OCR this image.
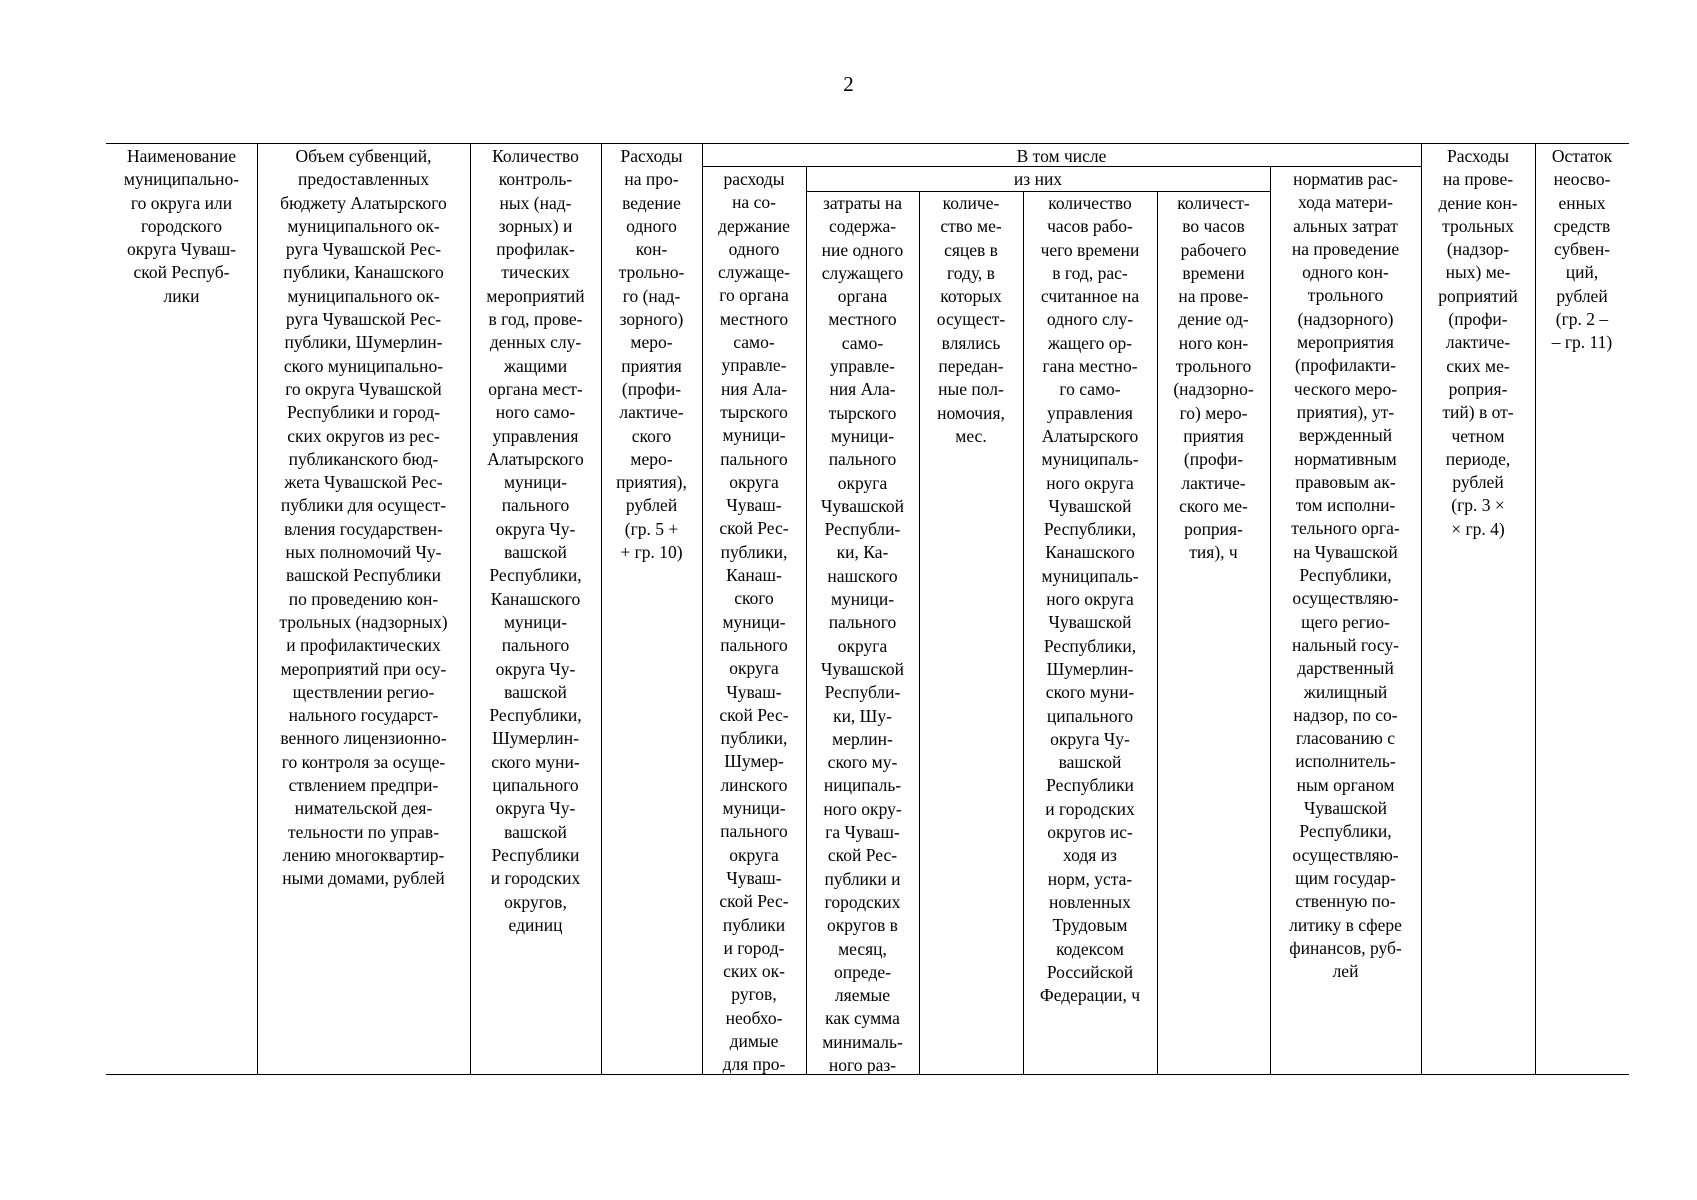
2
Наименование
муниципально-
го округа или
городского
округа Чуваш-
ской Респуб-
лики
Объем субвенций,
предоставленных
бюджету Алатырского
муниципального ок-
руга Чувашской Рес-
публики, Канашского
муниципального ок-
руга Чувашской Рес-
публики, Шумерлин-
ского муниципально-
го округа Чувашской
Республики и город-
ских округов из рес-
публиканского бюд-
жета Чувашской Рес-
публики для осущест-
вления государствен-
ных полномочий Чу-
вашской Республики
по проведению кон-
трольных (надзорных)
и профилактических
мероприятий при осу-
ществлении регио-
нального государст-
венного лицензионно-
го контроля за осуще-
ствлением предпри-
нимательской дея-
тельности по управ-
лению многоквартир-
ными домами, рублей
Количество
контроль-
ных (над-
зорных) и
профилак-
тических
мероприятий
в год, прове-
денных слу-
жащими
органа мест-
ного само-
управления
Алатырского
муници-
пального
округа Чу-
вашской
Республики,
Канашского
муници-
пального
округа Чу-
вашской
Республики,
Шумерлин-
ского муни-
ципального
округа Чу-
вашской
Республики
и городских
округов,
единиц
Расходы
на про-
ведение
одного
кон-
трольно-
го (над-
зорного)
меро-
приятия
(профи-
лактиче-
ского
меро-
приятия),
рублей
(гр. 5 +
+ гр. 10)
В том числе
расходы
на со-
держание
одного
служаще-
го органа
местного
само-
управле-
ния Ала-
тырского
муници-
пального
округа
Чуваш-
ской Рес-
публики,
Канаш-
ского
муници-
пального
округа
Чуваш-
ской Рес-
публики,
Шумер-
линского
муници-
пального
округа
Чуваш-
ской Рес-
публики
и город-
ских ок-
ругов,
необхо-
димые
для про-
из них
затраты на
содержа-
ние одного
служащего
органа
местного
само-
управле-
ния Ала-
тырского
муници-
пального
округа
Чувашской
Республи-
ки, Ка-
нашского
муници-
пального
округа
Чувашской
Республи-
ки, Шу-
мерлин-
ского му-
ниципаль-
ного окру-
га Чуваш-
ской Рес-
публики и
городских
округов в
месяц,
опреде-
ляемые
как сумма
минималь-
ного раз-
количе-
ство ме-
сяцев в
году, в
которых
осущест-
влялись
передан-
ные пол-
номочия,
мес.
количество
часов рабо-
чего времени
в год, рас-
считанное на
одного слу-
жащего ор-
гана местно-
го само-
управления
Алатырского
муниципаль-
ного округа
Чувашской
Республики,
Канашского
муниципаль-
ного округа
Чувашской
Республики,
Шумерлин-
ского муни-
ципального
округа Чу-
вашской
Республики
и городских
округов ис-
ходя из
норм, уста-
новленных
Трудовым
кодексом
Российской
Федерации, ч
количест-
во часов
рабочего
времени
на прове-
дение од-
ного кон-
трольного
(надзорно-
го) меро-
приятия
(профи-
лактиче-
ского ме-
роприя-
тия), ч
норматив рас-
хода матери-
альных затрат
на проведение
одного кон-
трольного
(надзорного)
мероприятия
(профилакти-
ческого меро-
приятия), ут-
вержденный
нормативным
правовым ак-
том исполни-
тельного орга-
на Чувашской
Республики,
осуществляю-
щего регио-
нальный госу-
дарственный
жилищный
надзор, по со-
гласованию с
исполнитель-
ным органом
Чувашской
Республики,
осуществляю-
щим государ-
ственную по-
литику в сфере
финансов, руб-
лей
Расходы
на прове-
дение кон-
трольных
(надзор-
ных) ме-
роприятий
(профи-
лактиче-
ских ме-
роприя-
тий) в от-
четном
периоде,
рублей
(гр. 3 ×
× гр. 4)
Остаток
неосво-
енных
средств
субвен-
ций,
рублей
(гр. 2 –
– гр. 11)
